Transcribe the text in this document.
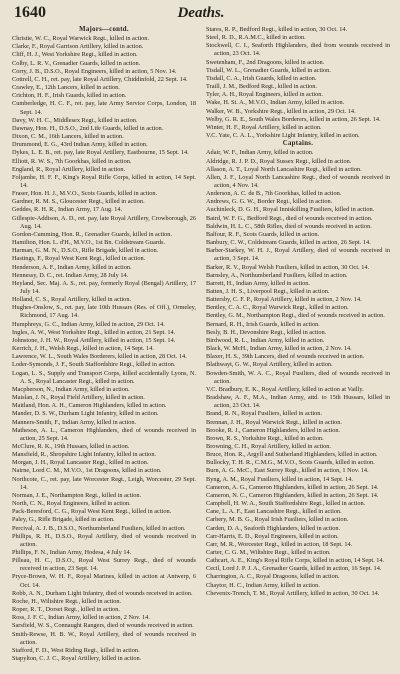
1640	Deaths.
Majors—contd.
Christie, W. C., Royal Warwick Regt., killed in action.
Clarke, F., Royal Garrison Artillery, killed in action.
Cliff, H. J., West Yorkshire Regt., killed in action.
Colby, L. R. V., Grenadier Guards, killed in action.
Corry, J. B., D.S.O., Royal Engineers, killed in action, 5 Nov. 14.
Cottrell, C. H., ret. pay, late Royal Artillery, Chiddinfold, 22 Sept. 14.
Crawley, E., 12th Lancers, killed in action.
Crichton, H. F., Irish Guards, killed in action.
Cumberledge, H. C. F., ret. pay, late Army Service Corps, London, 18 Sept. 14.
Davy, W. H. C., Middlesex Regt., killed in action.
Dawnay, Hon. H., D.S.O., 2nd Life Guards, killed in action.
Dixon, C. M., 16th Lancers, killed in action.
Drummond, E. G., 43rd Indian Army, killed in action.
Dykes, L. E. B., ret. pay, late Royal Artillery, Eastbourne, 15 Sept. 14.
Elliott, R. W. S., 7th Goorkhas, killed in action.
England, R., Royal Artillery, killed in action.
Foljambe, H. F. F., King's Royal Rifle Corps, killed in action, 14 Sept. 14.
Fraser, Hon. H. J., M.V.O., Scots Guards, killed in action.
Gardner, R. M. S., Gloucester Regt., killed in action.
Geddes, R. H. R., Indian Army, 17 Aug. 14.
Gillespie-Addison, A. D., ret. pay, late Royal Artillery, Crowborough, 26 Aug. 14.
Gordon-Cumming, Hon. R., Grenadier Guards, killed in action.
Hamilton, Hon. L. d'H., M.V.O., 1st Bn. Coldstream Guards.
Harman, G. M. N., D.S.O., Rifle Brigade, killed in action.
Hastings, F., Royal West Kent Regt., killed in action.
Henderson, A. F., Indian Army, killed in action.
Hennessy, D. C., ret. Indian Army, 28 July 14.
Heyland, Sec. Maj. A. S., ret. pay, formerly Royal (Bengal) Artillery, 17 July 14.
Holland, C. S., Royal Artillery, killed in action.
Hughes-Onslow, S., ret. pay, late 10th Hussars (Res. of Off.), Ormeley, Richmond, 17 Aug. 14.
Humphreys, G. C., Indian Army, killed in action, 29 Oct. 14.
Ingles, A. W., West Yorkshire Regt., killed in action, 21 Sept. 14.
Johnstone, J. H. W., Royal Artillery, killed in action, 15 Sept. 14.
Kerrich, J. H., Welsh Regt., killed in action, 14 Sept. 14.
Lawrence, W. L., South Wales Borderers, killed in action, 28 Oct. 14.
Loder-Symonds, J. F., South Staffordshire Regt., killed in action.
Logan, L. S., Supply and Transport Corps, killed accidentally Lyons, N. A. S., Royal Lancaster Regt., killed in action.
Macpherson, N., Indian Army, killed in action.
Maislan, J. N., Royal Field Artillery, killed in action.
Maitland, Hon. A. H., Cameron Highlanders, killed in action.
Mander, D. S. W., Durham Light Infantry, killed in action.
Manners-Smith, F., Indian Army, killed in action.
Matheson, A. L., Cameron Highlanders, died of wounds received in action, 25 Sept. 14.
McClure, R. K., 19th Hussars, killed in action.
Mansfield, R., Shropshire Light Infantry, killed in action.
Morgan, J. H., Royal Lancaster Regt., killed in action.
Nairne, Lord C. M., M.V.O., 1st Dragoons, killed in action.
Northcote, C., ret. pay, late Worcester Regt., Leigh, Worcester, 29 Sept. 14.
Norman, J. E., Northampton Regt., killed in action.
North, C. N., Royal Engineers, killed in action.
Pack-Beresford, C. G., Royal West Kent Regt., killed in action.
Paley, G., Rifle Brigade, killed in action.
Percival, A. J. B., D.S.O., Northumberland Fusiliers, killed in action.
Phillips, R. H., D.S.O., Royal Artillery, died of wounds received in action.
Phillips, F. N., Indian Army, Hodesa, 4 July 14.
Pilleau, H. C., D.S.O., Royal West Surrey Regt., died of wounds received in action, 23 Sept. 14.
Pryce-Brown, W. H. F., Royal Marines, killed in action at Antwerp, 6 Oct. 14.
Robb, A. N., Durham Light Infantry, died of wounds received in action.
Roche, H., Wiltshire Regt., killed in action.
Roper, R. T., Dorset Regt., killed in action.
Ross, J. F. C., Indian Army, killed in action, 2 Nov. 14.
Sarsfield, W. S., Connaught Rangers, died of wounds received in action.
Smith-Rewse, H. B. W., Royal Artillery, died of wounds received in action.
Stafford, F. D., West Riding Regt., killed in action.
Stapylton, C. J. C., Royal Artillery, killed in action.
Stares, R. P., Bedford Regt., killed in action, 30 Oct. 14.
Steel, R. D., R.A.M.C., killed in action.
Stockwell, C. I., Seaforth Highlanders, died from wounds received in action, 23 Oct. 14.
Swetenham, F., 2nd Dragoons, killed in action.
Tisdall, W. L., Grenadier Guards, killed in action.
Tisdall, C. A., Irish Guards, killed in action.
Traill, J. M., Bedford Regt., killed in action.
Tyler, A. H., Royal Engineers, killed in action.
Wake, H. St. A., M.V.O., Indian Army, killed in action.
Walker, W. B., Yorkshire Regt., killed in action, 29 Oct. 14.
Welby, G. R. E., South Wales Borderers, killed in action, 26 Sept. 14.
Winter, H. F., Royal Artillery, killed in action.
V.C. Yate, C. A. L., Yorkshire Light Infantry, killed in action.
Captains.
Adair, W. F., Indian Army, killed in action.
Aldridge, R. J. P. D., Royal Sussex Regt., killed in action.
Allason, A. T., Loyal North Lancashire Regt., killed in action.
Allen, J. F., Loyal North Lancashire Regt., died of wounds received in action, 4 Nov. 14.
Anderson, A. C. de B., 7th Goorkhas, killed in action.
Andrews, G. G. W., Border Regt., killed in action.
Auchinleck, D. G. H., Royal Inniskilling Fusiliers, killed in action.
Baird, W. F. G., Bedford Regt., died of wounds received in action.
Baldwin, H. L. C., 58th Rifles, died of wounds received in action.
Balfour, R. F., Scots Guards, killed in action.
Banbury, C. W., Coldstream Guards, killed in action, 26 Sept. 14.
Barber-Starkey, W. H. J., Royal Artillery, died of wounds received in action, 3 Sept. 14.
Barker, R. V., Royal Welsh Fusiliers, killed in action, 30 Oct. 14.
Barnsley, A., Northumberland Fusiliers, killed in action.
Barrett, H., Indian Army, killed in action.
Batten, J. H. S., Liverpool Regt., killed in action.
Battersby, C. F. P., Royal Artillery, killed in action, 2 Nov. 14.
Bentley, C. A. C., Royal Warwick Regt., killed in action.
Bentley, G. M., Northampton Regt., died of wounds received in action.
Bernard, R. H., Irish Guards, killed in action.
Besly, B. H., Devonshire Regt., killed in action.
Birdwood, R. L., Indian Army, killed in action.
Black, W. McH., Indian Army, killed in action, 2 Nov. 14.
Blaxer, H. S., 39th Lancers, died of wounds received in action.
Blathwayt, G. W., Royal Artillery, killed in action.
Bowden-Smith, W. A. C., Royal Fusiliers, died of wounds received in action.
V.C. Bradbury, E. K., Royal Artillery, killed in action at Vailly.
Bradshaw, A. F., M.A., Indian Army, attd. to 15th Hussars, killed in action, 23 Oct. 14.
Brand, R. N., Royal Fusiliers, killed in action.
Brennan, J. H., Royal Warwick Regt., killed in action.
Brooke, R. J., Cameron Highlanders, killed in action.
Brown, R. S., Yorkshire Regt., killed in action.
Browning, C. H., Royal Artillery, killed in action.
Bruce, Hon. R., Argyll and Sutherland Highlanders, killed in action.
Bullocky, T. H. R., C.M.G., M.V.O., Scots Guards, killed in action.
Burn, A. G. McC., East Surrey Regt., killed in action, 1 Nov. 14.
Byng, A. M., Royal Fusiliers, killed in action, 14 Sept. 14.
Cameron, A. G., Cameron Highlanders, killed in action, 26 Sept. 14.
Cameron, N. C., Cameron Highlanders, killed in action, 26 Sept. 14.
Campbell, H. W. A., South Staffordshire Regt., killed in action.
Cane, L. A. F., East Lancashire Regt., killed in action.
Carbery, M. B. G., Royal Irish Fusiliers, killed in action.
Carden, D. A., Seaforth Highlanders, killed in action.
Carr-Harris, E. D., Royal Engineers, killed in action.
Carr, M. R., Worcester Regt., killed in action, 18 Sept. 14.
Carter, C. G. M., Wiltshire Regt., killed in action.
Cathcart, A. E., King's Royal Rifle Corps, killed in action, 14 Sept. 14.
Cecil, Lord J. P. J. A., Grenadier Guards, killed in action, 16 Sept. 14.
Charrington, A. C., Royal Dragoons, killed in action.
Chaytor, H. C., Indian Army, killed in action.
Chevenix-Trench, T. M., Royal Artillery, killed in action, 30 Oct. 14.
